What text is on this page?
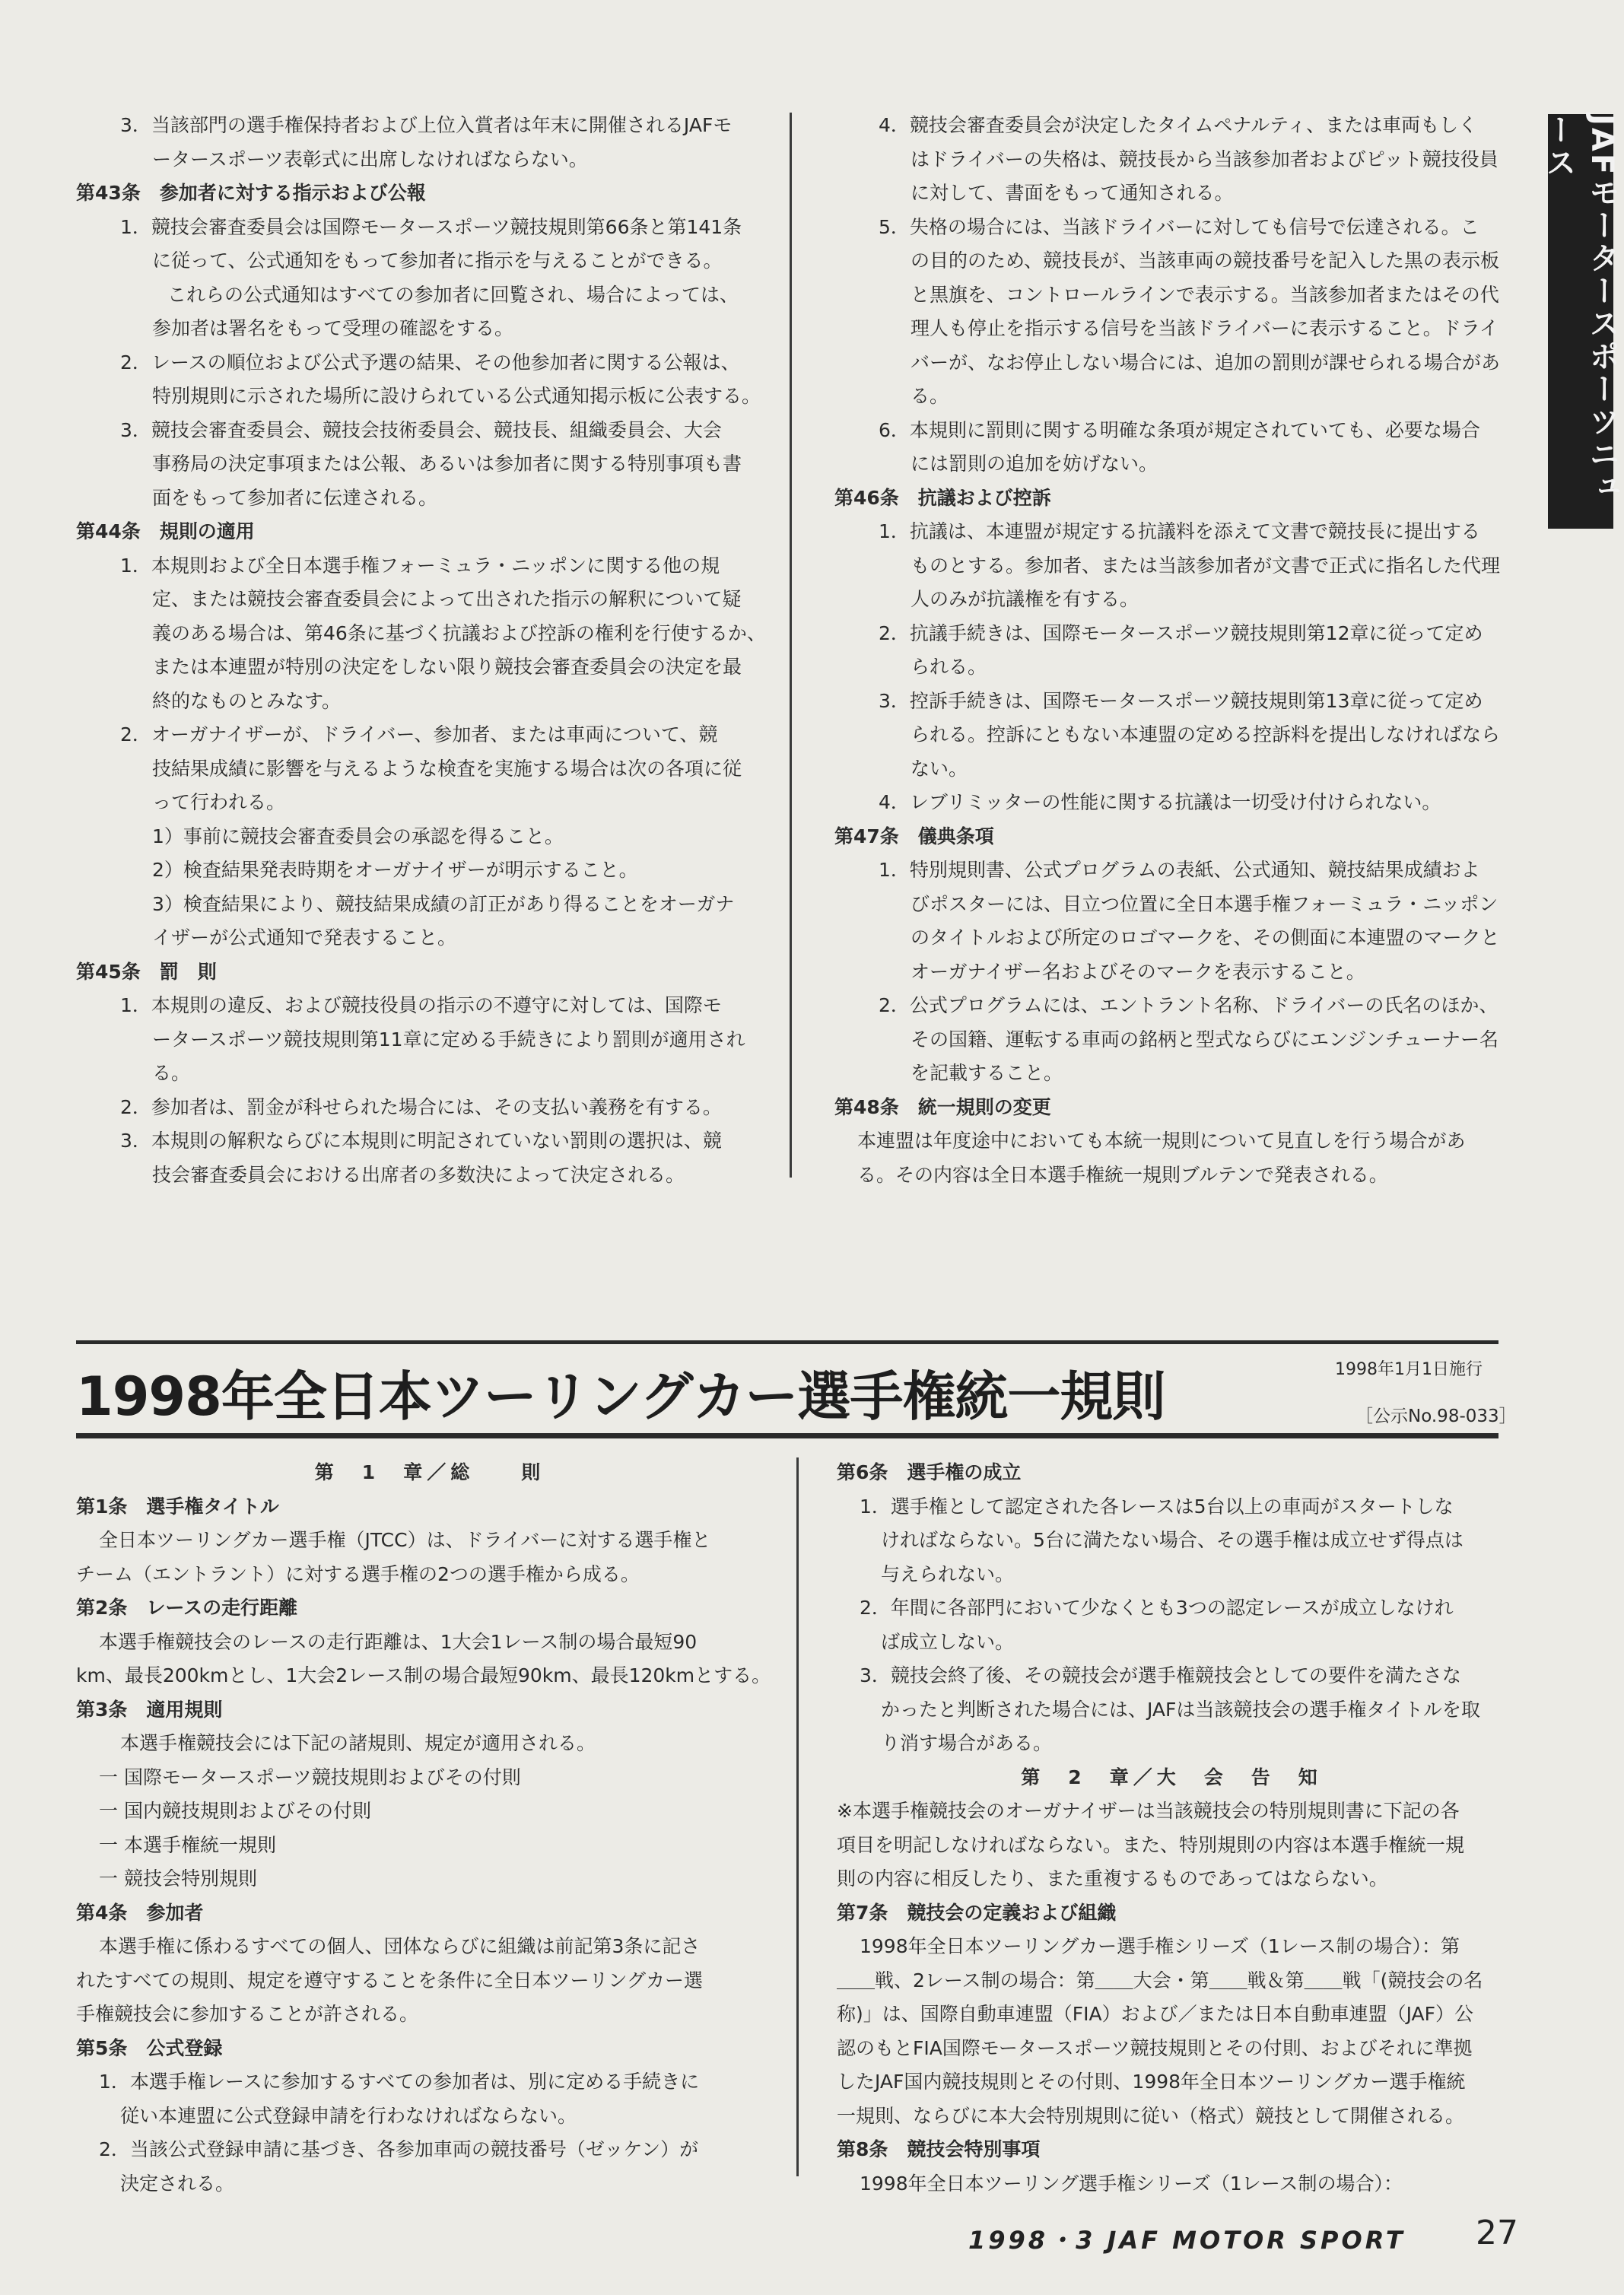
JAFモータースポーツニュース

3．当該部門の選手権保持者および上位入賞者は年末に開催されるJAFモ

ータースポーツ表彰式に出席しなければならない。

第43条　参加者に対する指示および公報

1．競技会審査委員会は国際モータースポーツ競技規則第66条と第141条

に従って、公式通知をもって参加者に指示を与えることができる。

これらの公式通知はすべての参加者に回覧され、場合によっては、

参加者は署名をもって受理の確認をする。

2．レースの順位および公式予選の結果、その他参加者に関する公報は、

特別規則に示された場所に設けられている公式通知掲示板に公表する。

3．競技会審査委員会、競技会技術委員会、競技長、組織委員会、大会

事務局の決定事項または公報、あるいは参加者に関する特別事項も書

面をもって参加者に伝達される。

第44条　規則の適用

1．本規則および全日本選手権フォーミュラ・ニッポンに関する他の規

定、または競技会審査委員会によって出された指示の解釈について疑

義のある場合は、第46条に基づく抗議および控訴の権利を行使するか、

または本連盟が特別の決定をしない限り競技会審査委員会の決定を最

終的なものとみなす。

2．オーガナイザーが、ドライバー、参加者、または車両について、競

技結果成績に影響を与えるような検査を実施する場合は次の各項に従

って行われる。

1）事前に競技会審査委員会の承認を得ること。

2）検査結果発表時期をオーガナイザーが明示すること。

3）検査結果により、競技結果成績の訂正があり得ることをオーガナ

イザーが公式通知で発表すること。

第45条　罰　則

1．本規則の違反、および競技役員の指示の不遵守に対しては、国際モ

ータースポーツ競技規則第11章に定める手続きにより罰則が適用され

る。

2．参加者は、罰金が科せられた場合には、その支払い義務を有する。

3．本規則の解釈ならびに本規則に明記されていない罰則の選択は、競

技会審査委員会における出席者の多数決によって決定される。

4．競技会審査委員会が決定したタイムペナルティ、または車両もしく

はドライバーの失格は、競技長から当該参加者およびピット競技役員

に対して、書面をもって通知される。

5．失格の場合には、当該ドライバーに対しても信号で伝達される。こ

の目的のため、競技長が、当該車両の競技番号を記入した黒の表示板

と黒旗を、コントロールラインで表示する。当該参加者またはその代

理人も停止を指示する信号を当該ドライバーに表示すること。ドライ

バーが、なお停止しない場合には、追加の罰則が課せられる場合があ

る。

6．本規則に罰則に関する明確な条項が規定されていても、必要な場合

には罰則の追加を妨げない。

第46条　抗議および控訴

1．抗議は、本連盟が規定する抗議料を添えて文書で競技長に提出する

ものとする。参加者、または当該参加者が文書で正式に指名した代理

人のみが抗議権を有する。

2．抗議手続きは、国際モータースポーツ競技規則第12章に従って定め

られる。

3．控訴手続きは、国際モータースポーツ競技規則第13章に従って定め

られる。控訴にともない本連盟の定める控訴料を提出しなければなら

ない。

4．レブリミッターの性能に関する抗議は一切受け付けられない。

第47条　儀典条項

1．特別規則書、公式プログラムの表紙、公式通知、競技結果成績およ

びポスターには、目立つ位置に全日本選手権フォーミュラ・ニッポン

のタイトルおよび所定のロゴマークを、その側面に本連盟のマークと

オーガナイザー名およびそのマークを表示すること。

2．公式プログラムには、エントラント名称、ドライバーの氏名のほか、

その国籍、運転する車両の銘柄と型式ならびにエンジンチューナー名

を記載すること。

第48条　統一規則の変更

本連盟は年度途中においても本統一規則について見直しを行う場合があ

る。その内容は全日本選手権統一規則ブルテンで発表される。

1998年全日本ツーリングカー選手権統一規則	1998年1月1日施行
［公示No.98-033］

第　1　章／総　　則

第1条　選手権タイトル

全日本ツーリングカー選手権（JTCC）は、ドライバーに対する選手権と

チーム（エントラント）に対する選手権の2つの選手権から成る。

第2条　レースの走行距離

本選手権競技会のレースの走行距離は、1大会1レース制の場合最短90

km、最長200kmとし、1大会2レース制の場合最短90km、最長120kmとする。

第3条　適用規則

本選手権競技会には下記の諸規則、規定が適用される。

一 国際モータースポーツ競技規則およびその付則

一 国内競技規則およびその付則

一 本選手権統一規則

一 競技会特別規則

第4条　参加者

本選手権に係わるすべての個人、団体ならびに組織は前記第3条に記さ

れたすべての規則、規定を遵守することを条件に全日本ツーリングカー選

手権競技会に参加することが許される。

第5条　公式登録

1．本選手権レースに参加するすべての参加者は、別に定める手続きに

従い本連盟に公式登録申請を行わなければならない。

2．当該公式登録申請に基づき、各参加車両の競技番号（ゼッケン）が

決定される。

第6条　選手権の成立

1．選手権として認定された各レースは5台以上の車両がスタートしな

ければならない。5台に満たない場合、その選手権は成立せず得点は

与えられない。

2．年間に各部門において少なくとも3つの認定レースが成立しなけれ

ば成立しない。

3．競技会終了後、その競技会が選手権競技会としての要件を満たさな

かったと判断された場合には、JAFは当該競技会の選手権タイトルを取

り消す場合がある。

第　2　章／大　会　告　知

※本選手権競技会のオーガナイザーは当該競技会の特別規則書に下記の各

項目を明記しなければならない。また、特別規則の内容は本選手権統一規

則の内容に相反したり、また重複するものであってはならない。

第7条　競技会の定義および組織

1998年全日本ツーリングカー選手権シリーズ（1レース制の場合）：第

＿＿戦、2レース制の場合：第＿＿大会・第＿＿戦＆第＿＿戦「(競技会の名

称)」は、国際自動車連盟（FIA）および／または日本自動車連盟（JAF）公

認のもとFIA国際モータースポーツ競技規則とその付則、およびそれに準拠

したJAF国内競技規則とその付則、1998年全日本ツーリングカー選手権統

一規則、ならびに本大会特別規則に従い（格式）競技として開催される。

第8条　競技会特別事項

1998年全日本ツーリング選手権シリーズ（1レース制の場合）：

1998・3 JAF MOTOR SPORT 27
